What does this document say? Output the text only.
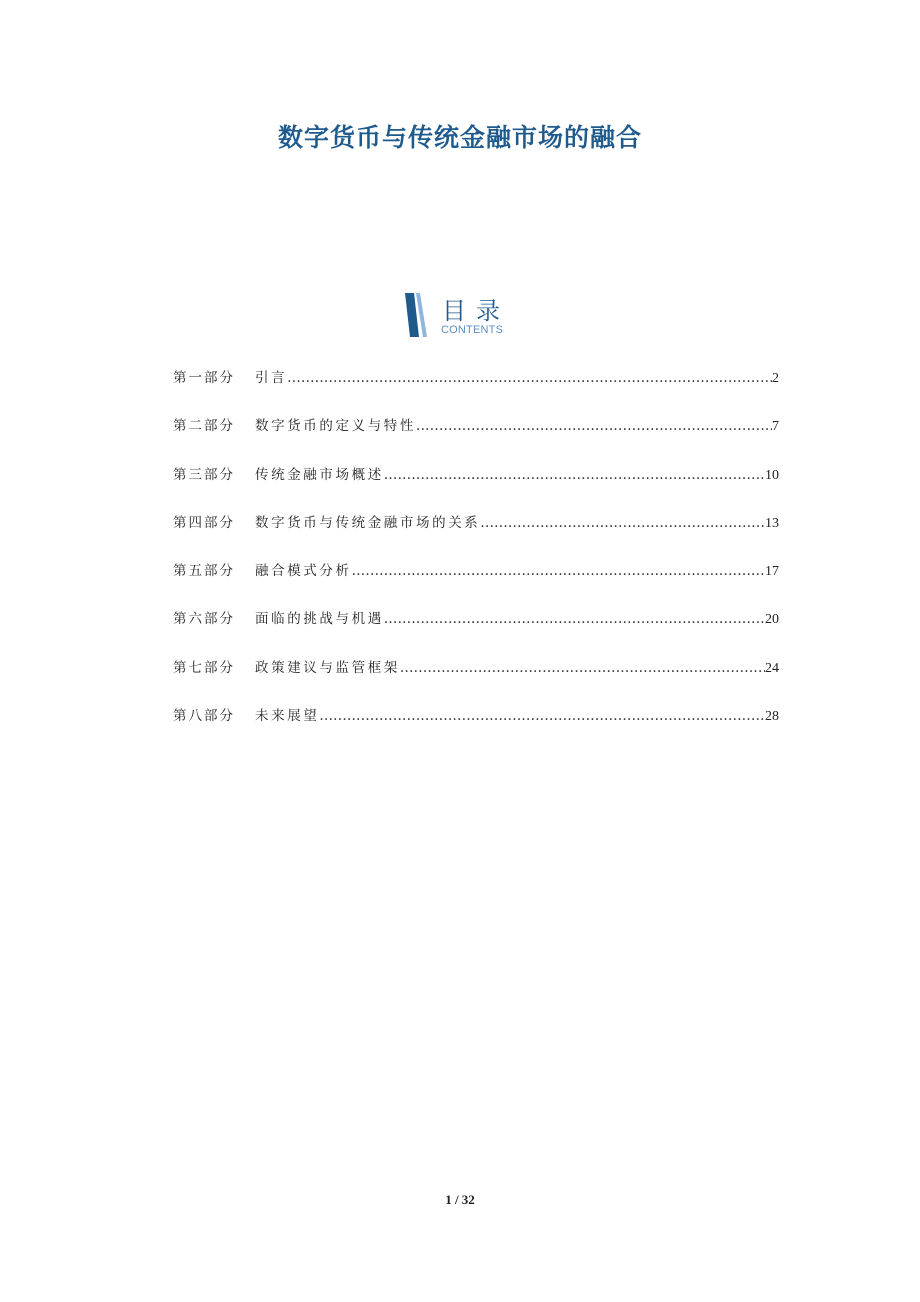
数字货币与传统金融市场的融合
目录
CONTENTS
第一部分	引言 .....	2
第二部分	数字货币的定义与特性 .....	7
第三部分	传统金融市场概述 .....	10
第四部分	数字货币与传统金融市场的关系 .....	13
第五部分	融合模式分析 .....	17
第六部分	面临的挑战与机遇 .....	20
第七部分	政策建议与监管框架 .....	24
第八部分	未来展望 .....	28
1 / 32
